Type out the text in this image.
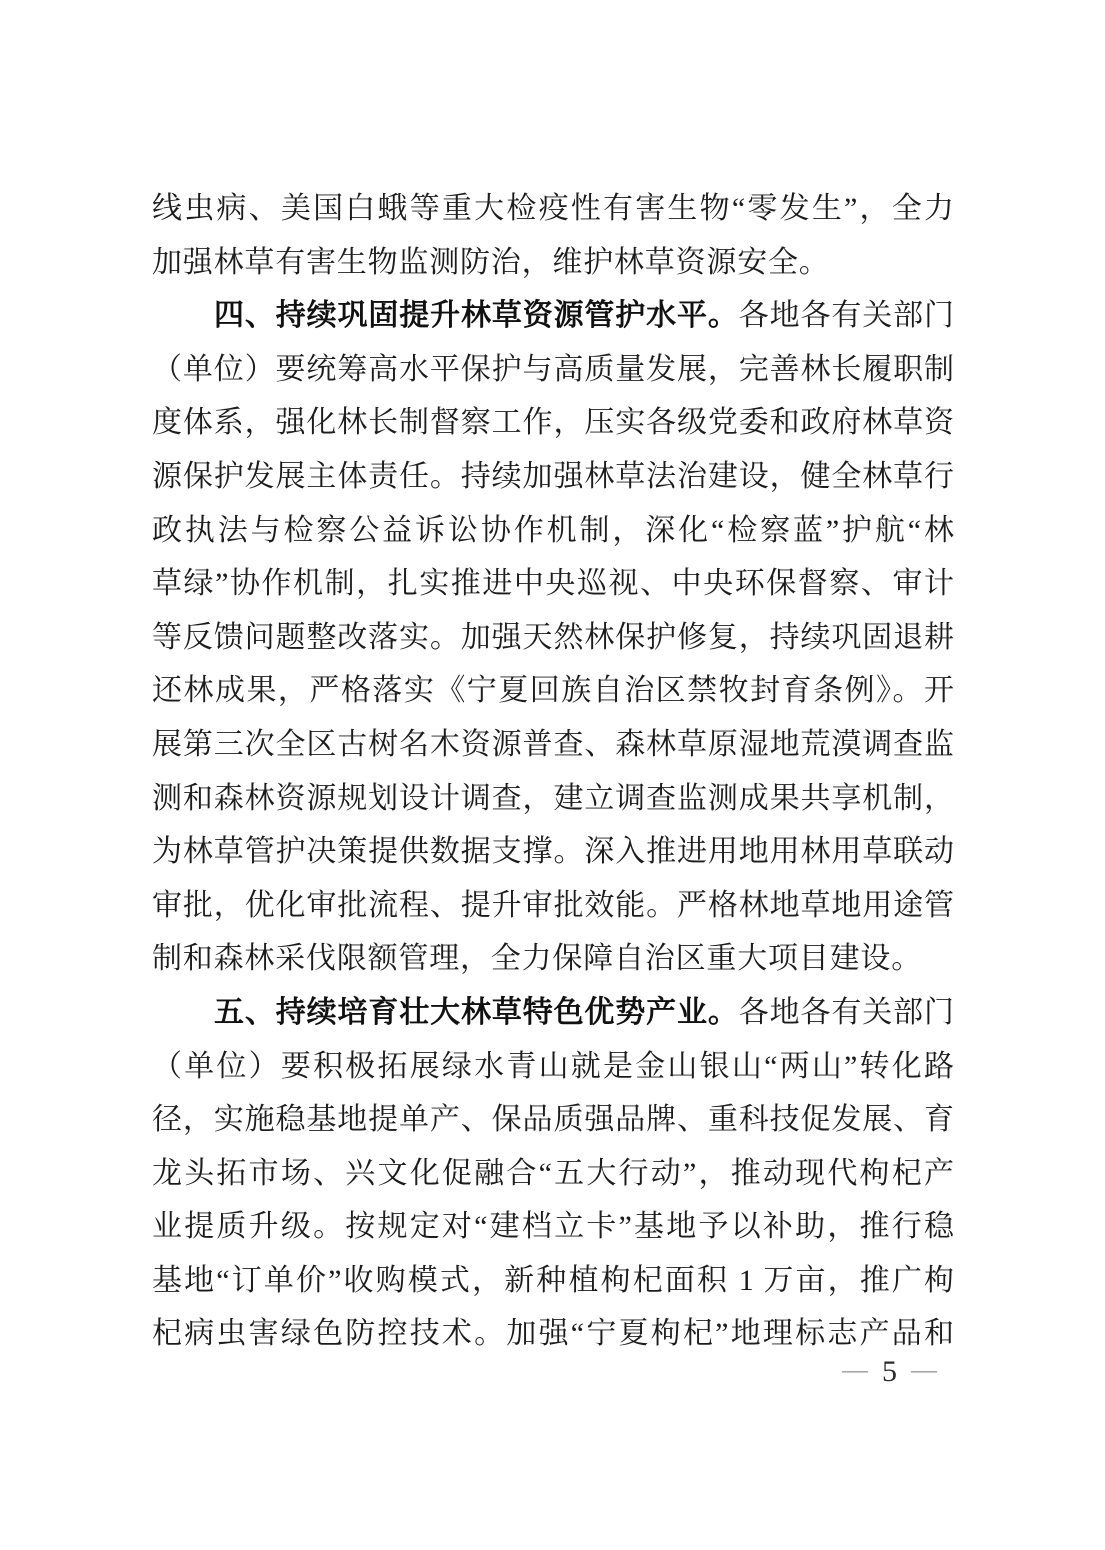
线虫病、美国白蛾等重大检疫性有害生物“零发生”，全力
加强林草有害生物监测防治，维护林草资源安全。
四、持续巩固提升林草资源管护水平。各地各有关部门
（单位）要统筹高水平保护与高质量发展，完善林长履职制
度体系，强化林长制督察工作，压实各级党委和政府林草资
源保护发展主体责任。持续加强林草法治建设，健全林草行
政执法与检察公益诉讼协作机制，深化“检察蓝”护航“林
草绿”协作机制，扎实推进中央巡视、中央环保督察、审计
等反馈问题整改落实。加强天然林保护修复，持续巩固退耕
还林成果，严格落实《宁夏回族自治区禁牧封育条例》。开
展第三次全区古树名木资源普查、森林草原湿地荒漠调查监
测和森林资源规划设计调查，建立调查监测成果共享机制，
为林草管护决策提供数据支撑。深入推进用地用林用草联动
审批，优化审批流程、提升审批效能。严格林地草地用途管
制和森林采伐限额管理，全力保障自治区重大项目建设。
五、持续培育壮大林草特色优势产业。各地各有关部门
（单位）要积极拓展绿水青山就是金山银山“两山”转化路
径，实施稳基地提单产、保品质强品牌、重科技促发展、育
龙头拓市场、兴文化促融合“五大行动”，推动现代枸杞产
业提质升级。按规定对“建档立卡”基地予以补助，推行稳
基地“订单价”收购模式，新种植枸杞面积 1 万亩，推广枸
杞病虫害绿色防控技术。加强“宁夏枸杞”地理标志产品和
— 5 —
